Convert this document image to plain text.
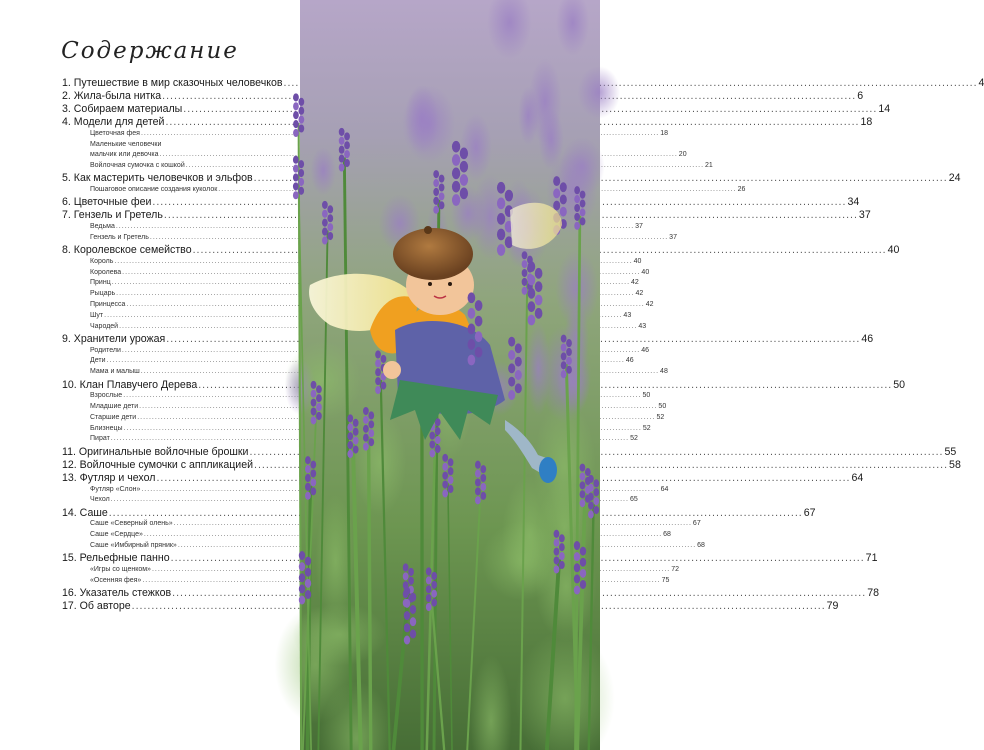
Содержание
1. Путешествие в мир сказочных человечков .....	4
2. Жила-была нитка .....	6
3. Собираем материалы .....	14
4. Модели для детей .....	18
Цветочная фея .....	18
Маленькие человечки
мальчик или девочка .....	20
Войлочная сумочка с кошкой .....	21
5. Как мастерить человечков и эльфов .....	24
Пошаговое описание создания куколок .....	26
6. Цветочные феи .....	34
7. Гензель и Гретель .....	37
Ведьма .....	37
Гензель и Гретель .....	37
8. Королевское семейство .....	40
Король .....	40
Королева .....	40
Принц .....	42
Рыцарь .....	42
Принцесса .....	42
Шут .....	43
Чародей .....	43
9. Хранители урожая .....	46
Родители .....	46
Дети .....	46
Мама и малыш .....	48
10. Клан Плавучего Дерева .....	50
Взрослые .....	50
Младшие дети .....	50
Старшие дети .....	52
Близнецы .....	52
Пират .....	52
11. Оригинальные войлочные брошки .....	55
12. Войлочные сумочки с аппликацией .....	58
13. Футляр и чехол .....	64
Футляр «Слон» .....	64
Чехол .....	65
14. Саше .....	67
Саше «Северный олень» .....	67
Саше «Сердце» .....	68
Саше «Имбирный пряник» .....	68
15. Рельефные панно .....	71
«Игры со щенком» .....	72
«Осенняя фея» .....	75
16. Указатель стежков .....	78
17. Об авторе .....	79
